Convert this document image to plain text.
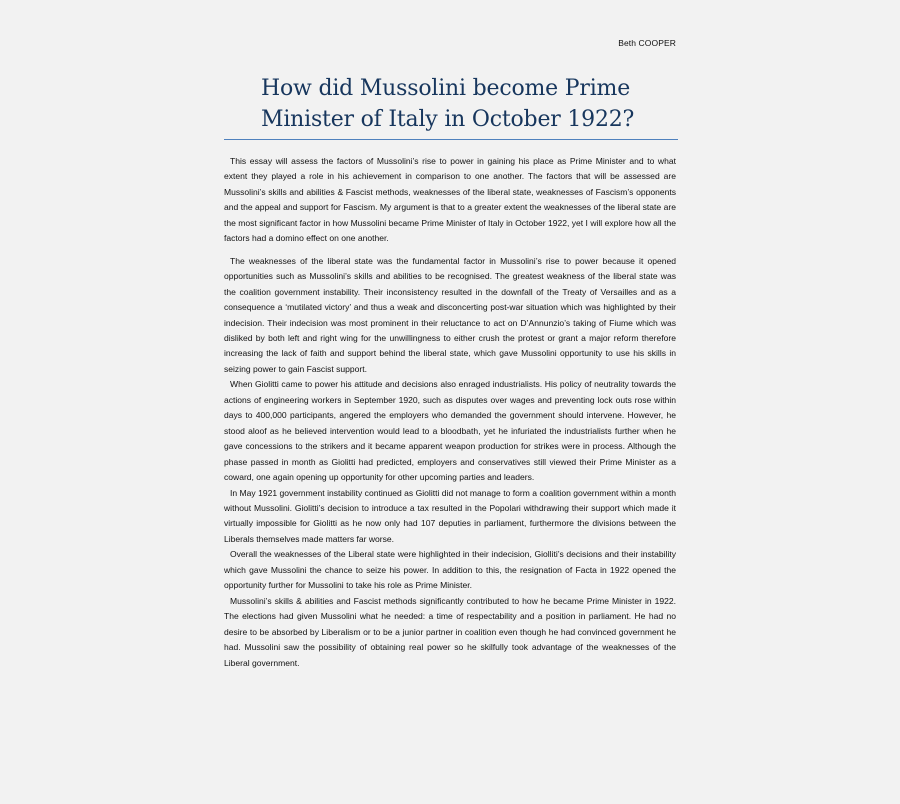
Beth COOPER
How did Mussolini become Prime
Minister of Italy in October 1922?

This essay will assess the factors of Mussolini’s rise to power in gaining his place as Prime Minister and to what extent they played a role in his achievement in comparison to one another. The factors that will be assessed are Mussolini’s skills and abilities & Fascist methods, weaknesses of the liberal state, weaknesses of Fascism’s opponents and the appeal and support for Fascism. My argument is that to a greater extent the weaknesses of the liberal state are the most significant factor in how Mussolini became Prime Minister of Italy in October 1922, yet I will explore how all the factors had a domino effect on one another.

The weaknesses of the liberal state was the fundamental factor in Mussolini’s rise to power because it opened opportunities such as Mussolini’s skills and abilities to be recognised. The greatest weakness of the liberal state was the coalition government instability. Their inconsistency resulted in the downfall of the Treaty of Versailles and as a consequence a ‘mutilated victory’ and thus a weak and disconcerting post-war situation which was highlighted by their indecision. Their indecision was most prominent in their reluctance to act on D’Annunzio’s taking of Fiume which was disliked by both left and right wing for the unwillingness to either crush the protest or grant a major reform therefore increasing the lack of faith and support behind the liberal state, which gave Mussolini opportunity to use his skills in seizing power to gain Fascist support.

When Giolitti came to power his attitude and decisions also enraged industrialists. His policy of neutrality towards the actions of engineering workers in September 1920, such as disputes over wages and preventing lock outs rose within days to 400,000 participants, angered the employers who demanded the government should intervene. However, he stood aloof as he believed intervention would lead to a bloodbath, yet he infuriated the industrialists further when he gave concessions to the strikers and it became apparent weapon production for strikes were in process. Although the phase passed in month as Giolitti had predicted, employers and conservatives still viewed their Prime Minister as a coward, one again opening up opportunity for other upcoming parties and leaders.

In May 1921 government instability continued as Giolitti did not manage to form a coalition government within a month without Mussolini. Giolitti’s decision to introduce a tax resulted in the Popolari withdrawing their support which made it virtually impossible for Giolitti as he now only had 107 deputies in parliament, furthermore the divisions between the Liberals themselves made matters far worse.

Overall the weaknesses of the Liberal state were highlighted in their indecision, Giolliti’s decisions and their instability which gave Mussolini the chance to seize his power. In addition to this, the resignation of Facta in 1922 opened the opportunity further for Mussolini to take his role as Prime Minister.

Mussolini’s skills & abilities and Fascist methods significantly contributed to how he became Prime Minister in 1922. The elections had given Mussolini what he needed: a time of respectability and a position in parliament. He had no desire to be absorbed by Liberalism or to be a junior partner in coalition even though he had convinced government he had. Mussolini saw the possibility of obtaining real power so he skilfully took advantage of the weaknesses of the Liberal government.
